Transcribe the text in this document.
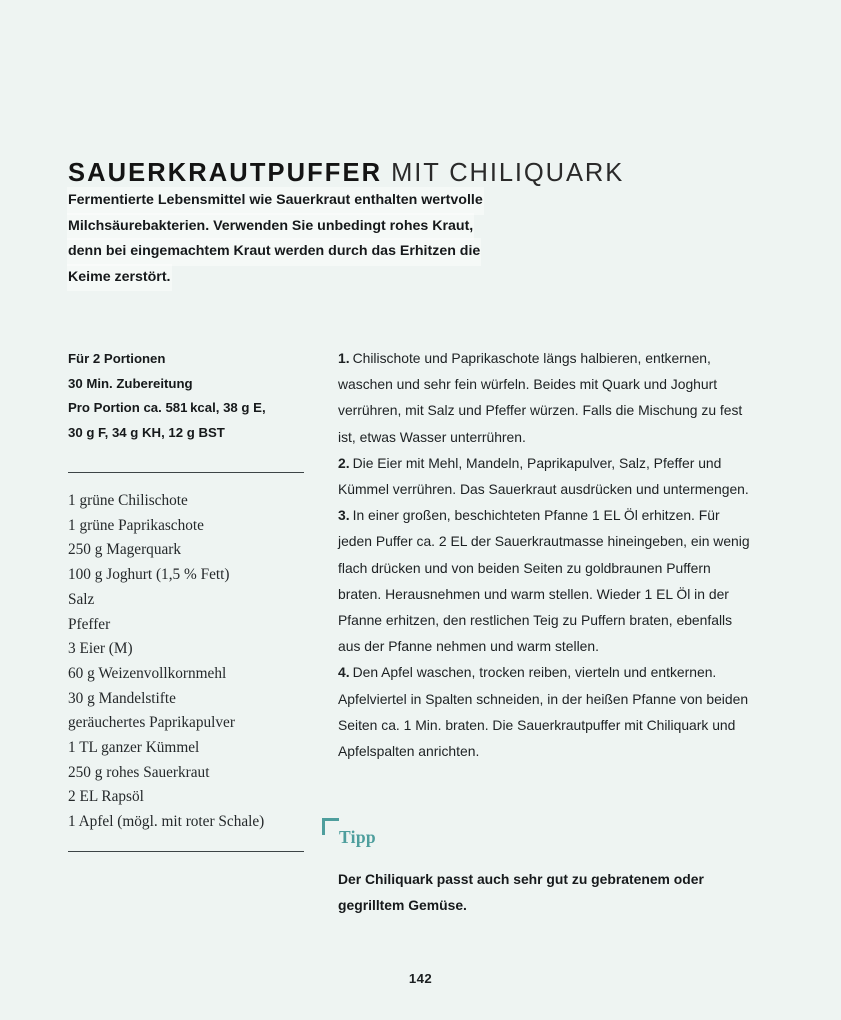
SAUERKRAUTPUFFER MIT CHILIQUARK
Fermentierte Lebensmittel wie Sauerkraut enthalten wertvolle
Milchsäurebakterien. Verwenden Sie unbedingt rohes Kraut,
denn bei eingemachtem Kraut werden durch das Erhitzen die
Keime zerstört.
Für 2 Portionen
30 Min. Zubereitung
Pro Portion ca. 581 kcal, 38 g E,
30 g F, 34 g KH, 12 g BST
1 grüne Chilischote
1 grüne Paprikaschote
250 g Magerquark
100 g Joghurt (1,5 % Fett)
Salz
Pfeffer
3 Eier (M)
60 g Weizenvollkornmehl
30 g Mandelstifte
geräuchertes Paprikapulver
1 TL ganzer Kümmel
250 g rohes Sauerkraut
2 EL Rapsöl
1 Apfel (mögl. mit roter Schale)

1. Chilischote und Paprikaschote längs halbieren, entkernen, waschen und sehr fein würfeln. Beides mit Quark und Joghurt verrühren, mit Salz und Pfeffer würzen. Falls die Mischung zu fest ist, etwas Wasser unterrühren.

2. Die Eier mit Mehl, Mandeln, Paprikapulver, Salz, Pfeffer und Kümmel verrühren. Das Sauerkraut ausdrücken und untermengen.

3. In einer großen, beschichteten Pfanne 1 EL Öl erhitzen. Für jeden Puffer ca. 2 EL der Sauerkrautmasse hineingeben, ein wenig flach drücken und von beiden Seiten zu goldbraunen Puffern braten. Herausnehmen und warm stellen. Wieder 1 EL Öl in der Pfanne erhitzen, den restlichen Teig zu Puffern braten, ebenfalls aus der Pfanne nehmen und warm stellen.

4. Den Apfel waschen, trocken reiben, vierteln und entkernen. Apfelviertel in Spalten schneiden, in der heißen Pfanne von beiden Seiten ca. 1 Min. braten. Die Sauerkrautpuffer mit Chiliquark und Apfelspalten anrichten.

Tipp
Der Chiliquark passt auch sehr gut zu gebratenem oder gegrilltem Gemüse.
142
